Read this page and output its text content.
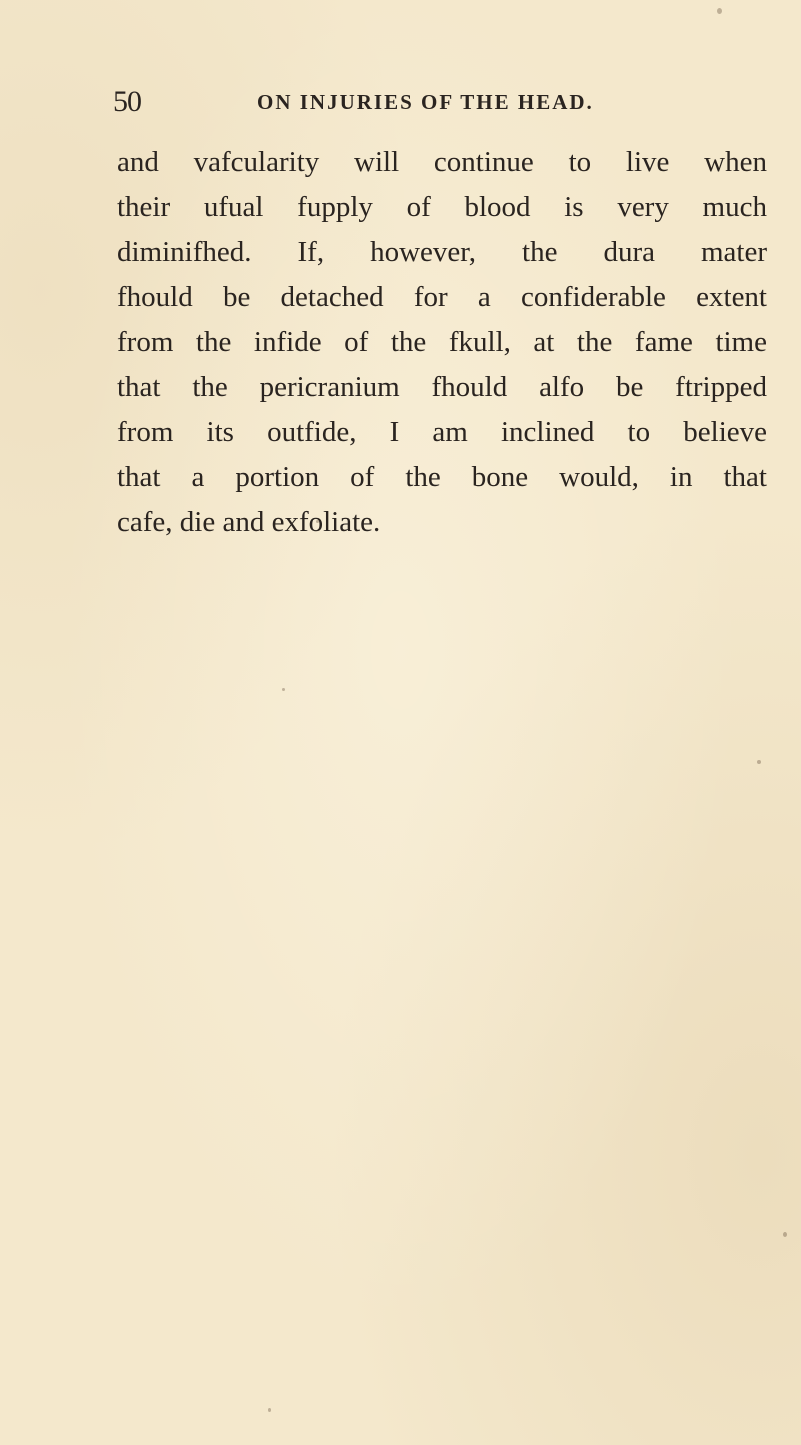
50	ON INJURIES OF THE HEAD.
and vafcularity will continue to live when
their ufual fupply of blood is very much
diminifhed. If, however, the dura mater
fhould be detached for a confiderable extent
from the infide of the fkull, at the fame time
that the pericranium fhould alfo be ftripped
from its outfide, I am inclined to believe
that a portion of the bone would, in that
cafe, die and exfoliate.
